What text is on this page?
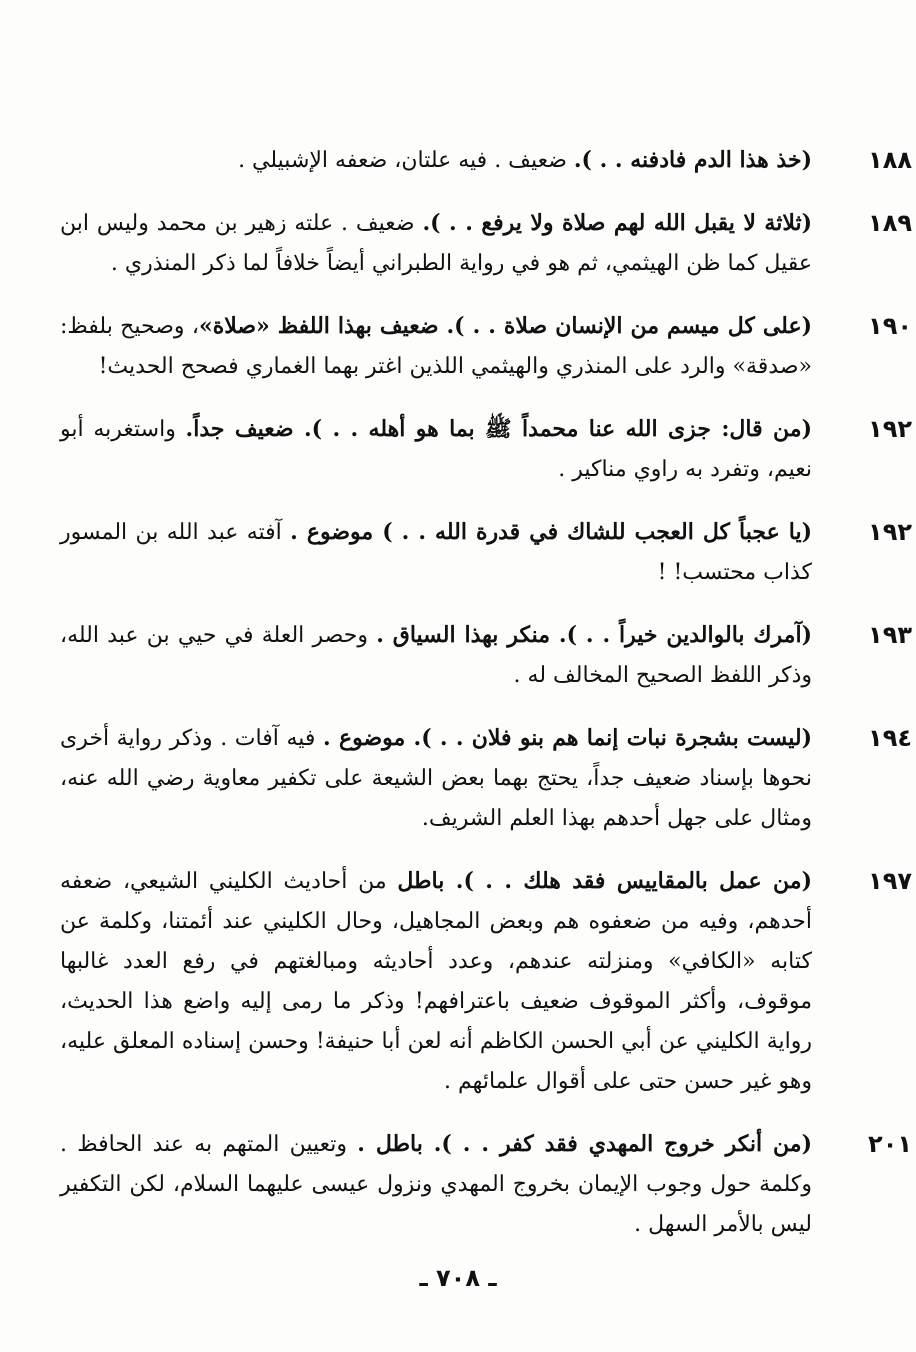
١٨٨
(خذ هذا الدم فادفنه . . ). ضعيف . فيه علتان، ضعفه الإشبيلي .
١٨٩
(ثلاثة لا يقبل الله لهم صلاة ولا يرفع . . ). ضعيف . علته زهير بن محمد وليس ابن عقيل كما ظن الهيثمي، ثم هو في رواية الطبراني أيضاً خلافاً لما ذكر المنذري .
١٩٠
(على كل ميسم من الإنسان صلاة . . ). ضعيف بهذا اللفظ «صلاة»، وصحيح بلفظ: «صدقة» والرد على المنذري والهيثمي اللذين اغتر بهما الغماري فصحح الحديث!
١٩٢
(من قال: جزى الله عنا محمداً ﷺ بما هو أهله . . ). ضعيف جداً. واستغربه أبو نعيم، وتفرد به راوي مناكير .
١٩٢
(يا عجباً كل العجب للشاك في قدرة الله . . ) موضوع . آفته عبد الله بن المسور كذاب محتسب! !
١٩٣
(آمرك بالوالدين خيراً . . ). منكر بهذا السياق . وحصر العلة في حيي بن عبد الله، وذكر اللفظ الصحيح المخالف له .
١٩٤
(ليست بشجرة نبات إنما هم بنو فلان . . ). موضوع . فيه آفات . وذكر رواية أخرى نحوها بإسناد ضعيف جداً، يحتج بهما بعض الشيعة على تكفير معاوية رضي الله عنه، ومثال على جهل أحدهم بهذا العلم الشريف.
١٩٧
(من عمل بالمقاييس فقد هلك . . ). باطل من أحاديث الكليني الشيعي، ضعفه أحدهم، وفيه من ضعفوه هم وبعض المجاهيل، وحال الكليني عند أئمتنا، وكلمة عن كتابه «الكافي» ومنزلته عندهم، وعدد أحاديثه ومبالغتهم في رفع العدد غالبها موقوف، وأكثر الموقوف ضعيف باعترافهم! وذكر ما رمى إليه واضع هذا الحديث، رواية الكليني عن أبي الحسن الكاظم أنه لعن أبا حنيفة! وحسن إسناده المعلق عليه، وهو غير حسن حتى على أقوال علمائهم .
٢٠١
(من أنكر خروج المهدي فقد كفر . . ). باطل . وتعيين المتهم به عند الحافظ . وكلمة حول وجوب الإيمان بخروج المهدي ونزول عيسى عليهما السلام، لكن التكفير ليس بالأمر السهل .
ـ ٧٠٨ ـ
